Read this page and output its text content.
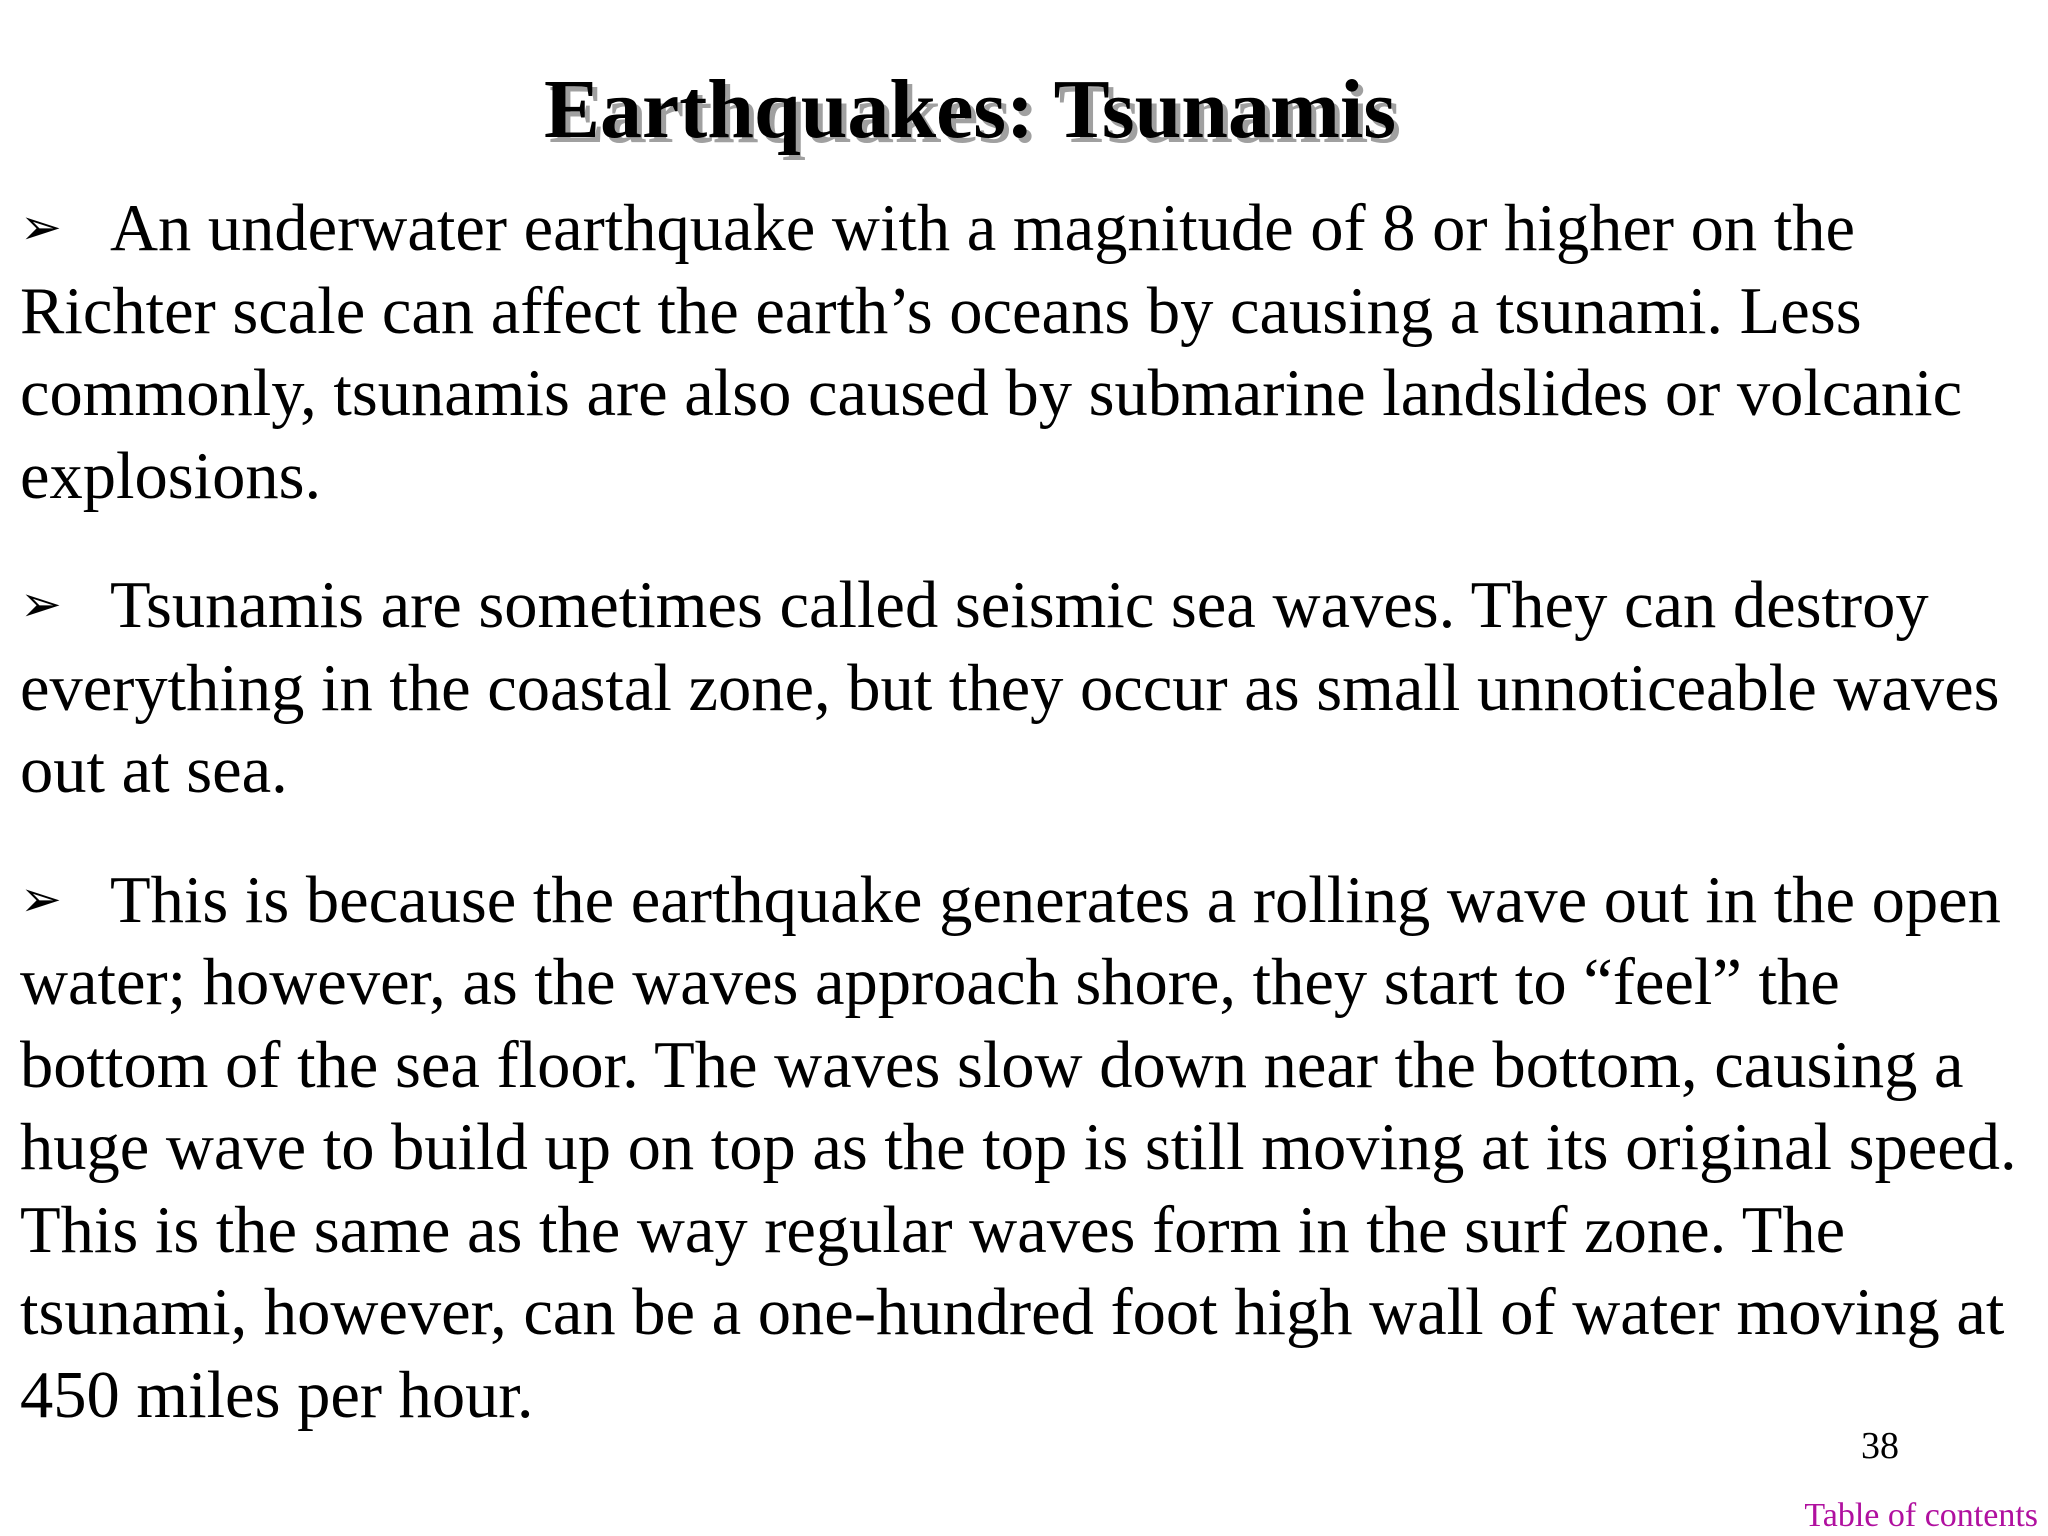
Earthquakes: Tsunamis
➢ An underwater earthquake with a magnitude of 8 or higher on the Richter scale can affect the earth’s oceans by causing a tsunami. Less commonly, tsunamis are also caused by submarine landslides or volcanic explosions.
➢ Tsunamis are sometimes called seismic sea waves. They can destroy everything in the coastal zone, but they occur as small unnoticeable waves out at sea.
➢ This is because the earthquake generates a rolling wave out in the open water; however, as the waves approach shore, they start to “feel” the bottom of the sea floor. The waves slow down near the bottom, causing a huge wave to build up on top as the top is still moving at its original speed. This is the same as the way regular waves form in the surf zone. The tsunami, however, can be a one-hundred foot high wall of water moving at 450 miles per hour.
38
Table of contents
